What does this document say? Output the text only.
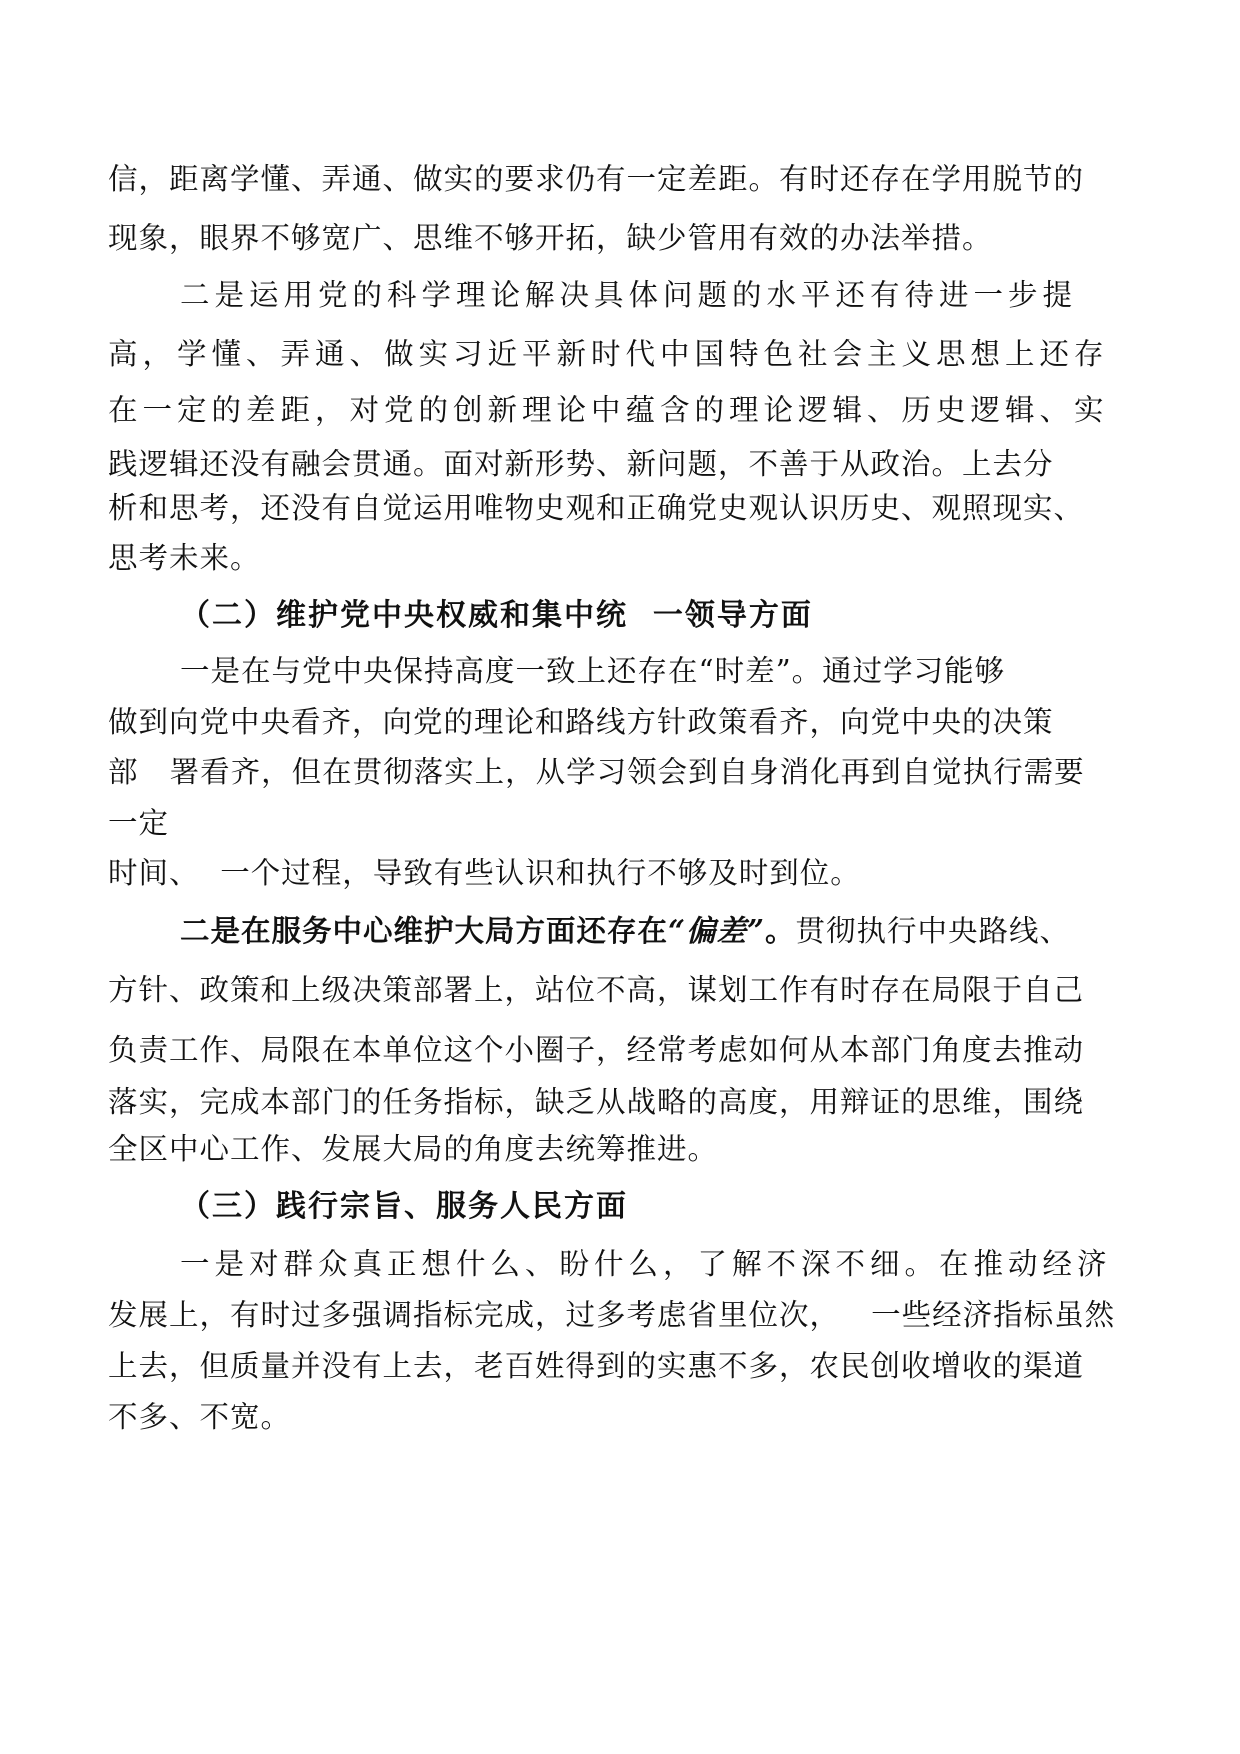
信，距离学懂、弄通、做实的要求仍有一定差距。有时还存在学用脱节的

现象，眼界不够宽广、思维不够开拓，缺少管用有效的办法举措。

二是运用党的科学理论解决具体问题的水平还有待进一步提

高，学懂、弄通、做实习近平新时代中国特色社会主义思想上还存

在一定的差距，对党的创新理论中蕴含的理论逻辑、历史逻辑、实

践逻辑还没有融会贯通。面对新形势、新问题，不善于从政治。上去分

析和思考，还没有自觉运用唯物史观和正确党史观认识历史、观照现实、

思考未来。

（二）维护党中央权威和集中统  一领导方面

一是在与党中央保持高度一致上还存在“时差”。通过学习能够

做到向党中央看齐，向党的理论和路线方针政策看齐，向党中央的决策

部   署看齐，但在贯彻落实上，从学习领会到自身消化再到自觉执行需要

一定

时间、  一个过程，导致有些认识和执行不够及时到位。

二是在服务中心维护大局方面还存在“偏差”。贯彻执行中央路线、

方针、政策和上级决策部署上，站位不高，谋划工作有时存在局限于自己

负责工作、局限在本单位这个小圈子，经常考虑如何从本部门角度去推动

落实，完成本部门的任务指标，缺乏从战略的高度，用辩证的思维，围绕

全区中心工作、发展大局的角度去统筹推进。

（三）践行宗旨、服务人民方面

一是对群众真正想什么、盼什么，了解不深不细。在推动经济

发展上，有时过多强调指标完成，过多考虑省里位次，   一些经济指标虽然

上去，但质量并没有上去，老百姓得到的实惠不多，农民创收增收的渠道

不多、不宽。
